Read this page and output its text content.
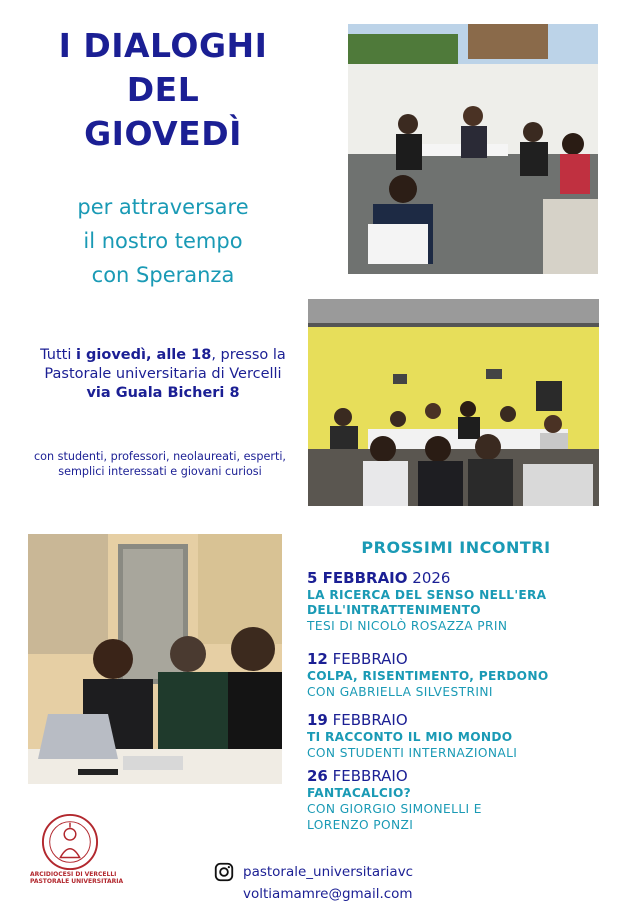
I DIALOGHI
DEL
GIOVEDÌ
per attraversare
il nostro tempo
con Speranza
Tutti i giovedì, alle 18, presso la Pastorale universitaria di Vercelli
via Guala Bicheri 8
con studenti, professori, neolaureati, esperti, semplici interessati e giovani curiosi
PROSSIMI INCONTRI
5 FEBBRAIO 2026
LA RICERCA DEL SENSO NELL'ERA DELL'INTRATTENIMENTO
TESI DI NICOLÒ ROSAZZA PRIN
12 FEBBRAIO
COLPA, RISENTIMENTO, PERDONO
CON GABRIELLA SILVESTRINI
19 FEBBRAIO
TI RACCONTO IL MIO MONDO
CON STUDENTI INTERNAZIONALI
26 FEBBRAIO
FANTACALCIO?
CON GIORGIO SIMONELLI E LORENZO PONZI
ARCIDIOCESI DI VERCELLI
PASTORALE UNIVERSITARIA
pastorale_universitariavc
voltiamamre@gmail.com
